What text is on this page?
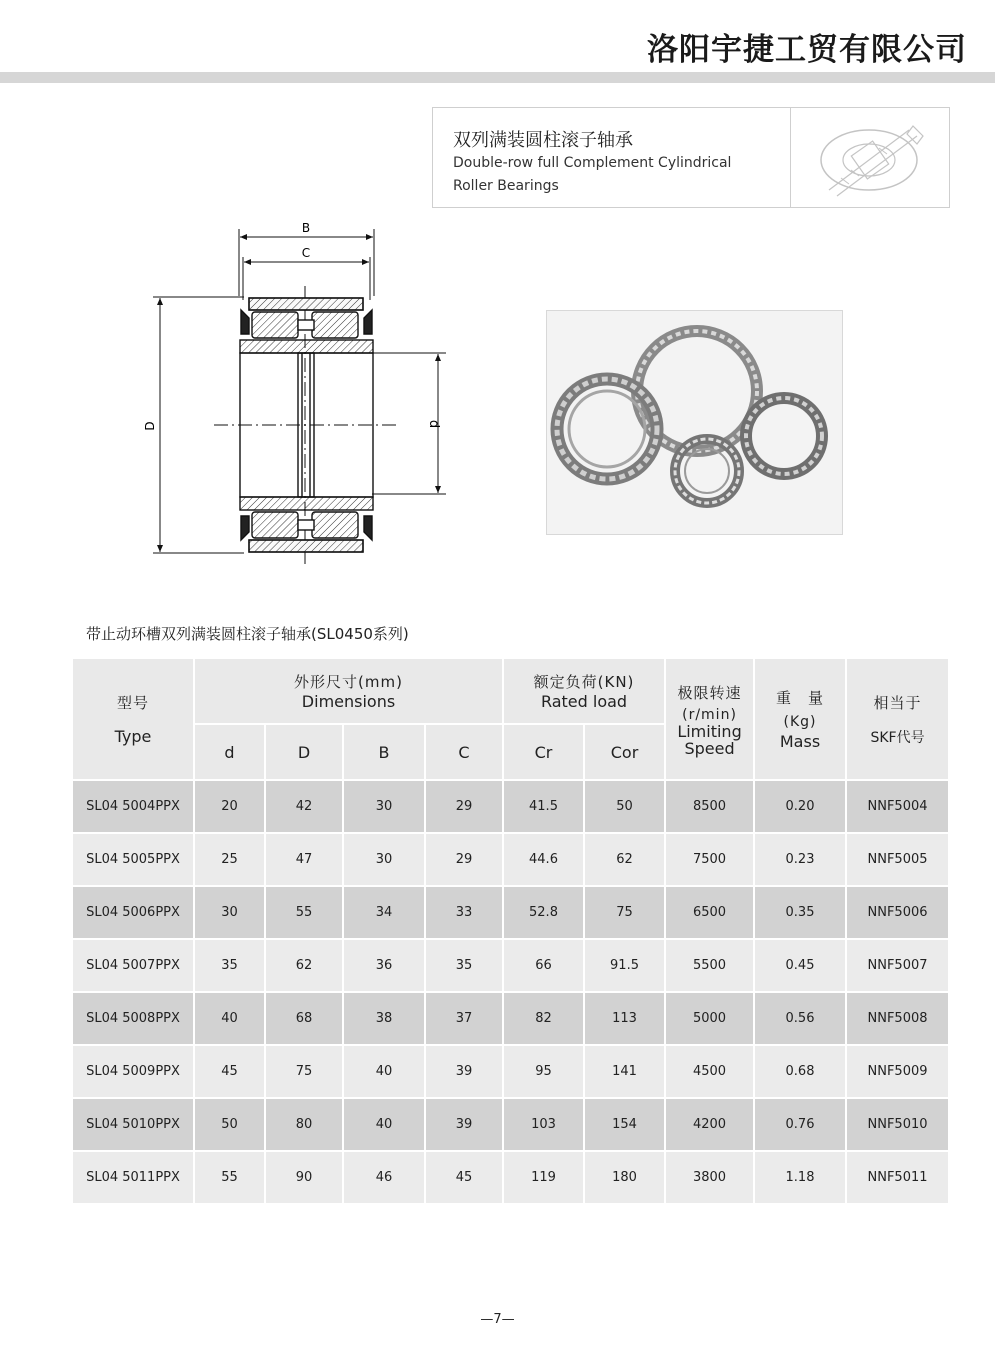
洛阳宇捷工贸有限公司
双列满装圆柱滚子轴承
Double-row full Complement Cylindrical
Roller Bearings
B
C
D	d
带止动环槽双列满装圆柱滚子轴承(SL0450系列)
型号
Type	外形尺寸(mm)
Dimensions				额定负荷(KN)
Rated load		极限转速
(r/min)
Limiting
Speed	重　量
(Kg)
Mass	相当于
SKF代号

	d	D	B	C	Cr	Cor			
SL04 5004PPX	20	42	30	29	41.5	50	8500	0.20	NNF5004
SL04 5005PPX	25	47	30	29	44.6	62	7500	0.23	NNF5005
SL04 5006PPX	30	55	34	33	52.8	75	6500	0.35	NNF5006
SL04 5007PPX	35	62	36	35	66	91.5	5500	0.45	NNF5007
SL04 5008PPX	40	68	38	37	82	113	5000	0.56	NNF5008
SL04 5009PPX	45	75	40	39	95	141	4500	0.68	NNF5009
SL04 5010PPX	50	80	40	39	103	154	4200	0.76	NNF5010
SL04 5011PPX	55	90	46	45	119	180	3800	1.18	NNF5011
—7—
